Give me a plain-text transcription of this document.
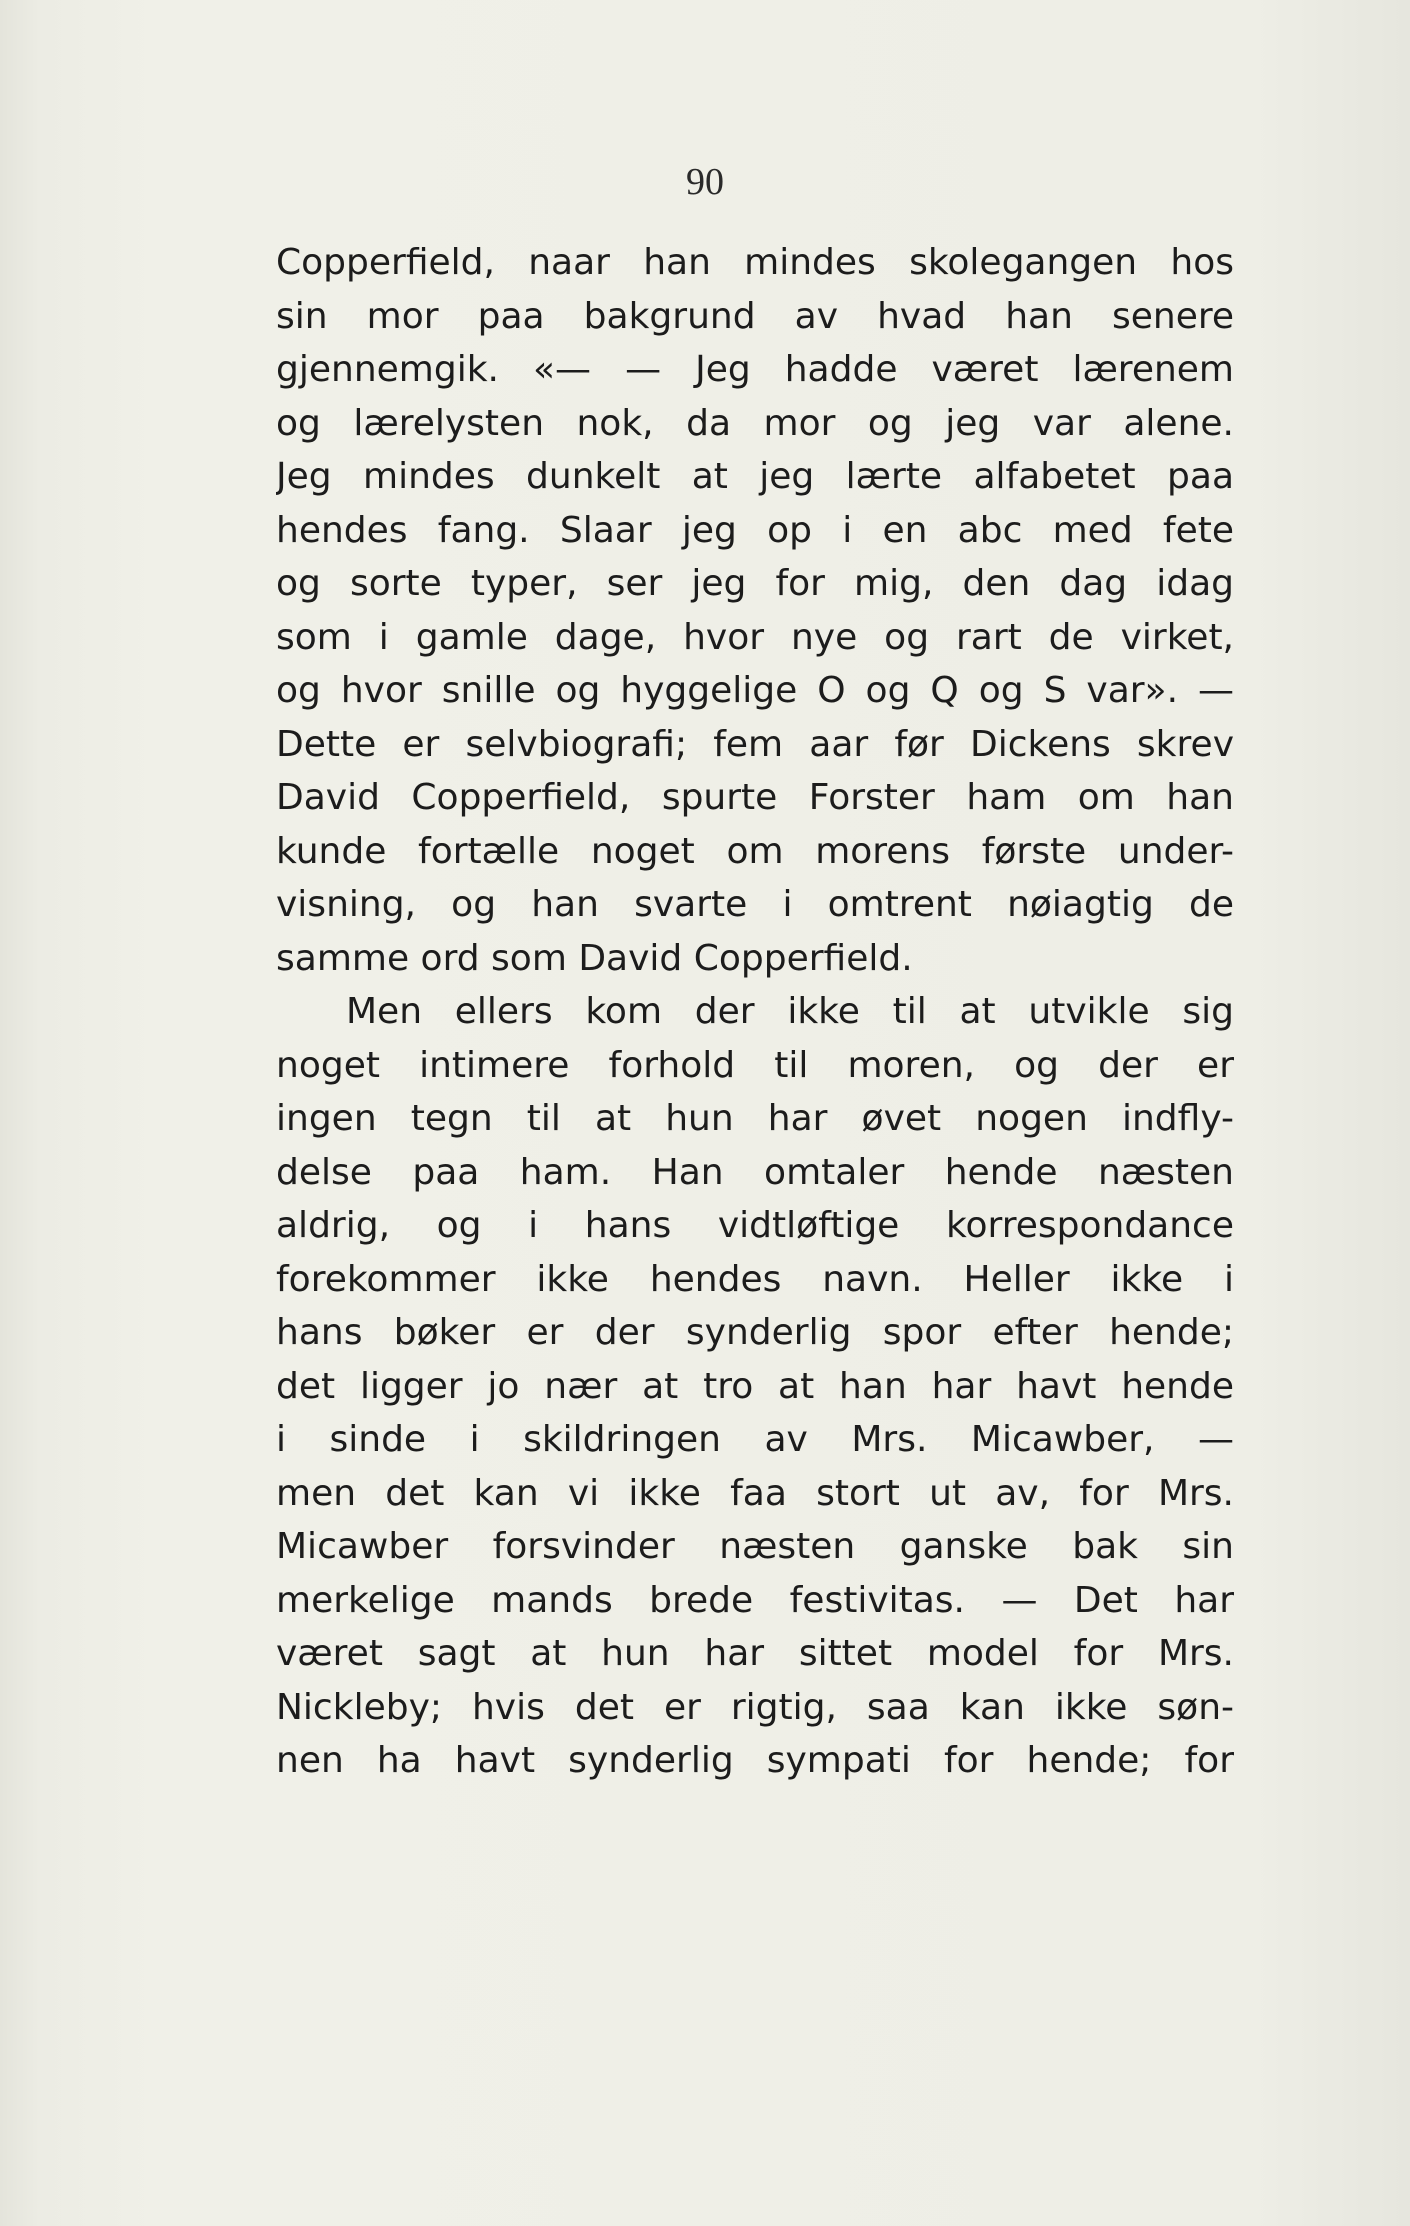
90

Copperfield, naar han mindes skolegangen hos
sin mor paa bakgrund av hvad han senere
gjennemgik. «— — Jeg hadde været lærenem
og lærelysten nok, da mor og jeg var alene.
Jeg mindes dunkelt at jeg lærte alfabetet paa
hendes fang. Slaar jeg op i en abc med fete
og sorte typer, ser jeg for mig, den dag idag
som i gamle dage, hvor nye og rart de virket,
og hvor snille og hyggelige O og Q og S var». —
Dette er selvbiografi; fem aar før Dickens skrev
David Copperfield, spurte Forster ham om han
kunde fortælle noget om morens første under-
visning, og han svarte i omtrent nøiagtig de
samme ord som David Copperfield.
Men ellers kom der ikke til at utvikle sig
noget intimere forhold til moren, og der er
ingen tegn til at hun har øvet nogen indfly-
delse paa ham. Han omtaler hende næsten
aldrig, og i hans vidtløftige korrespondance
forekommer ikke hendes navn. Heller ikke i
hans bøker er der synderlig spor efter hende;
det ligger jo nær at tro at han har havt hende
i sinde i skildringen av Mrs. Micawber, —
men det kan vi ikke faa stort ut av, for Mrs.
Micawber forsvinder næsten ganske bak sin
merkelige mands brede festivitas. — Det har
været sagt at hun har sittet model for Mrs.
Nickleby; hvis det er rigtig, saa kan ikke søn-
nen ha havt synderlig sympati for hende; for
